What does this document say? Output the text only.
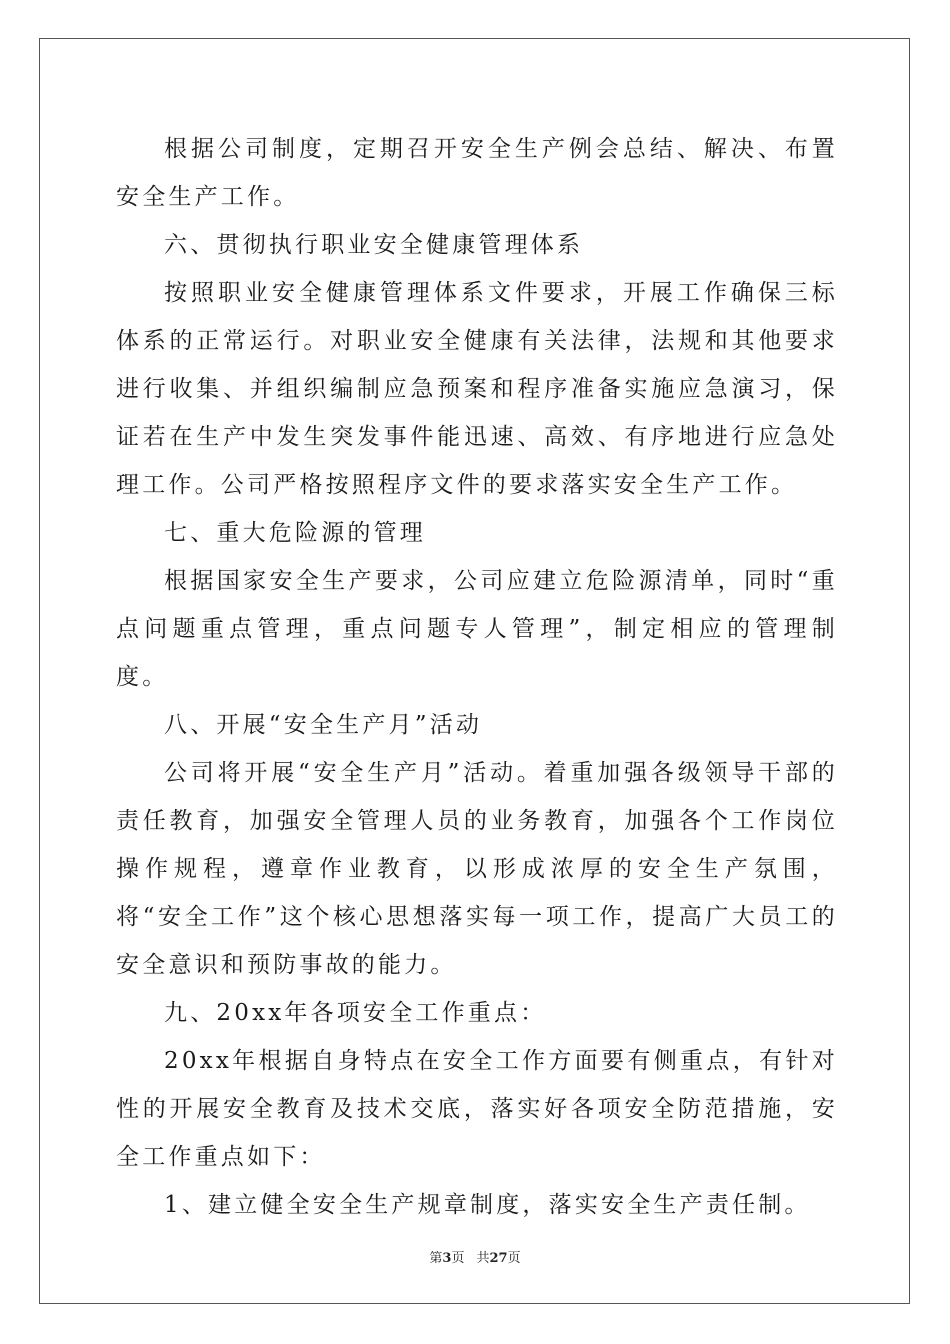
根据公司制度，定期召开安全生产例会总结、解决、布置安全生产工作。

六、贯彻执行职业安全健康管理体系

按照职业安全健康管理体系文件要求，开展工作确保三标体系的正常运行。对职业安全健康有关法律，法规和其他要求进行收集、并组织编制应急预案和程序准备实施应急演习，保证若在生产中发生突发事件能迅速、高效、有序地进行应急处理工作。公司严格按照程序文件的要求落实安全生产工作。

七、重大危险源的管理

根据国家安全生产要求，公司应建立危险源清单，同时“重点问题重点管理，重点问题专人管理”，制定相应的管理制度。

八、开展“安全生产月”活动

公司将开展“安全生产月”活动。着重加强各级领导干部的责任教育，加强安全管理人员的业务教育，加强各个工作岗位操作规程，遵章作业教育，以形成浓厚的安全生产氛围，将“安全工作”这个核心思想落实每一项工作，提高广大员工的安全意识和预防事故的能力。

九、20xx年各项安全工作重点：

20xx年根据自身特点在安全工作方面要有侧重点，有针对性的开展安全教育及技术交底，落实好各项安全防范措施，安全工作重点如下：

1、建立健全安全生产规章制度，落实安全生产责任制。

第3页 共27页
